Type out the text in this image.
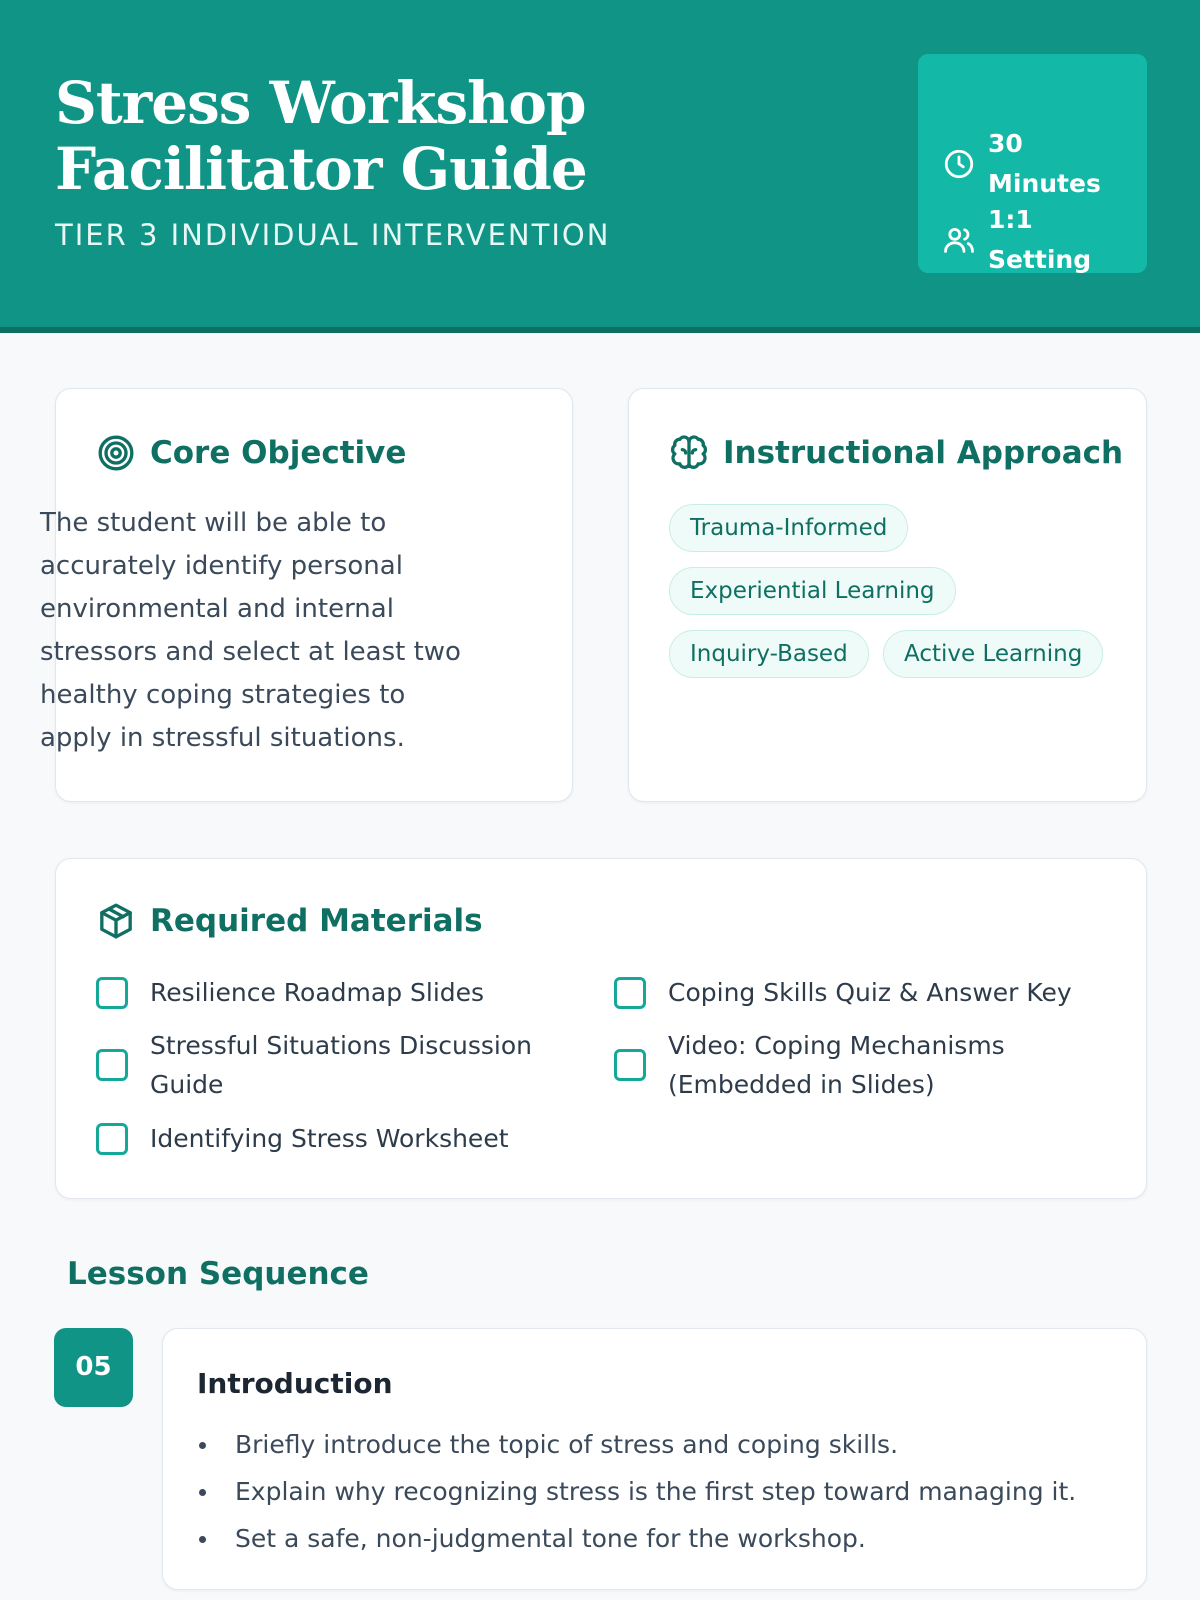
Stress Workshop Facilitator Guide
TIER 3 INDIVIDUAL INTERVENTION
30 Minutes
1:1 Setting
Core Objective
The student will be able to accurately identify personal environmental and internal stressors and select at least two healthy coping strategies to apply in stressful situations.
Instructional Approach
Trauma-Informed
Experiential Learning
Inquiry-Based	Active Learning
Required Materials
Resilience Roadmap Slides	Coping Skills Quiz & Answer Key
Stressful Situations Discussion Guide
Video: Coping Mechanisms (Embedded in Slides)
Identifying Stress Worksheet
Lesson Sequence
05	Introduction
Briefly introduce the topic of stress and coping skills.
Explain why recognizing stress is the first step toward managing it.
Set a safe, non-judgmental tone for the workshop.
